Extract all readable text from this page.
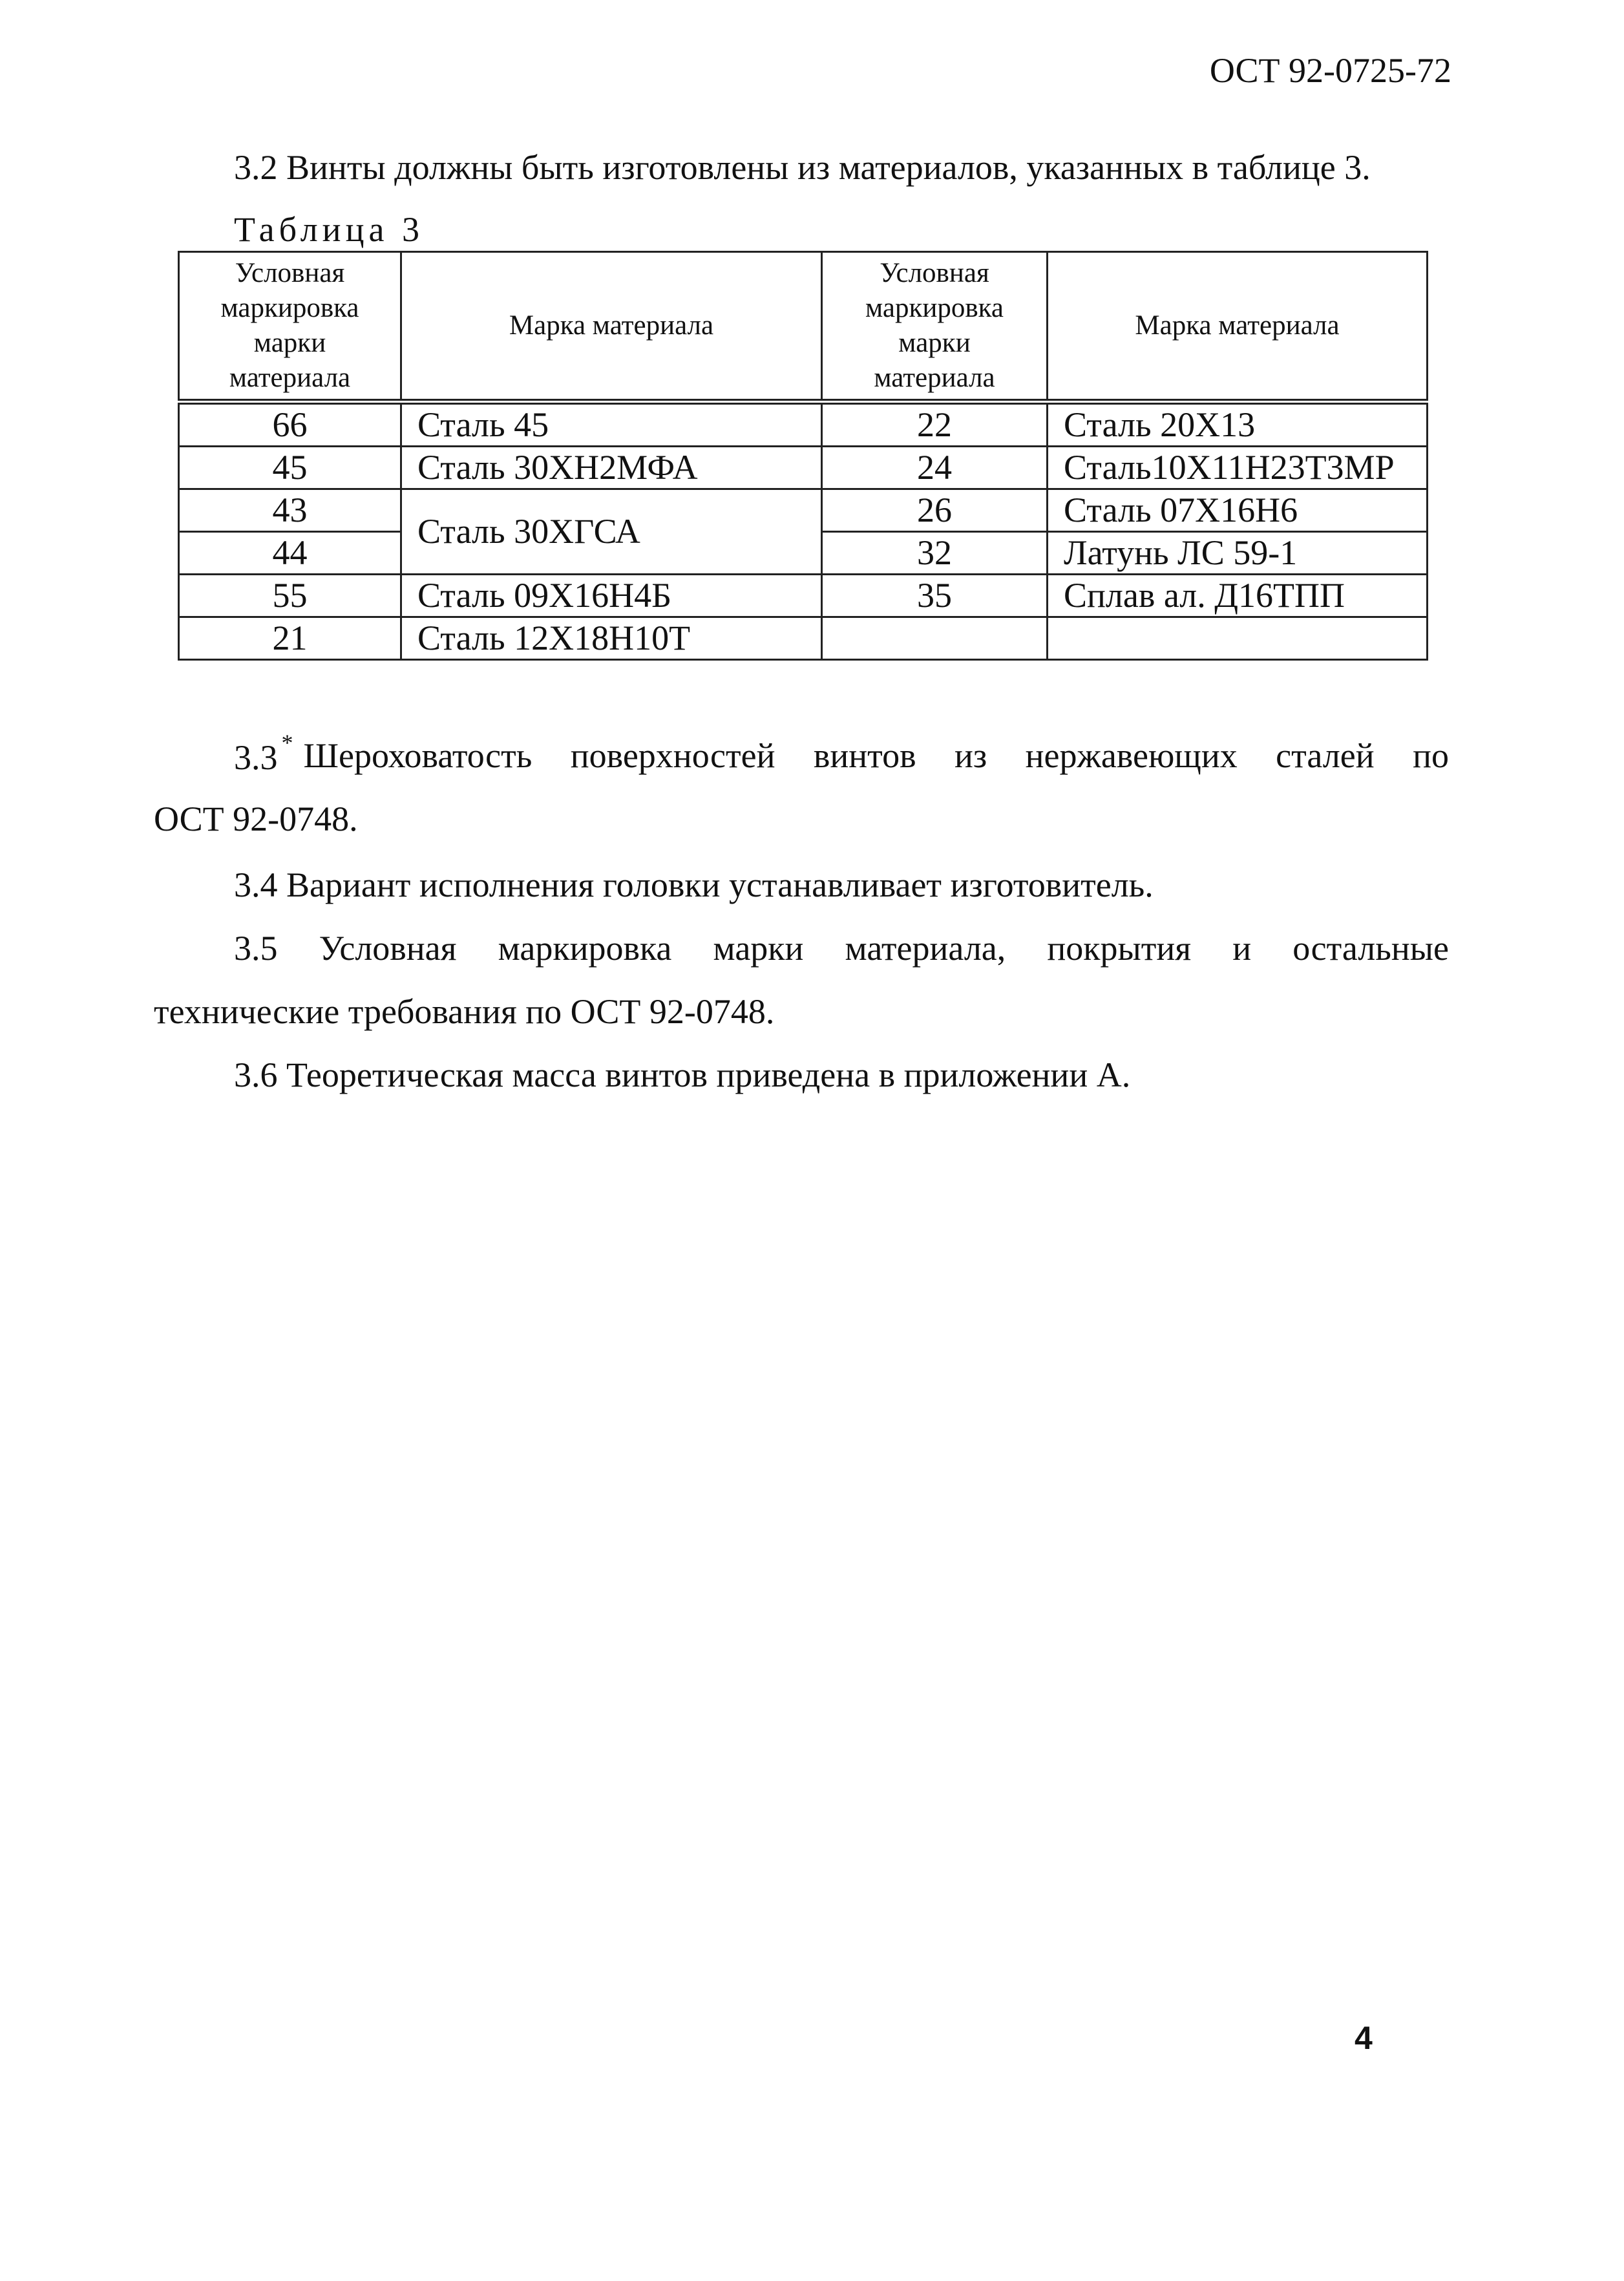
ОСТ 92-0725-72
3.2 Винты должны быть изготовлены из материалов, указанных в таблице 3.
Таблица 3
Условная маркировка марки материала	Марка материала	Условная маркировка марки материала	Марка материала
66	Сталь 45	22	Сталь 20Х13
45	Сталь 30ХН2МФА	24	Сталь10Х11Н23Т3МР
43	Сталь 30ХГСА	26	Сталь 07Х16Н6
44		32	Латунь ЛС 59-1
55	Сталь 09Х16Н4Б	35	Сплав ал. Д16ТПП
21	Сталь 12Х18Н10Т		
3.3 * Шероховатость поверхностей винтов из нержавеющих сталей по
ОСТ 92-0748.
3.4 Вариант исполнения головки устанавливает изготовитель.
3.5 Условная маркировка марки материала, покрытия и остальные
технические требования по ОСТ 92-0748.
3.6 Теоретическая масса винтов приведена в приложении А.
4
